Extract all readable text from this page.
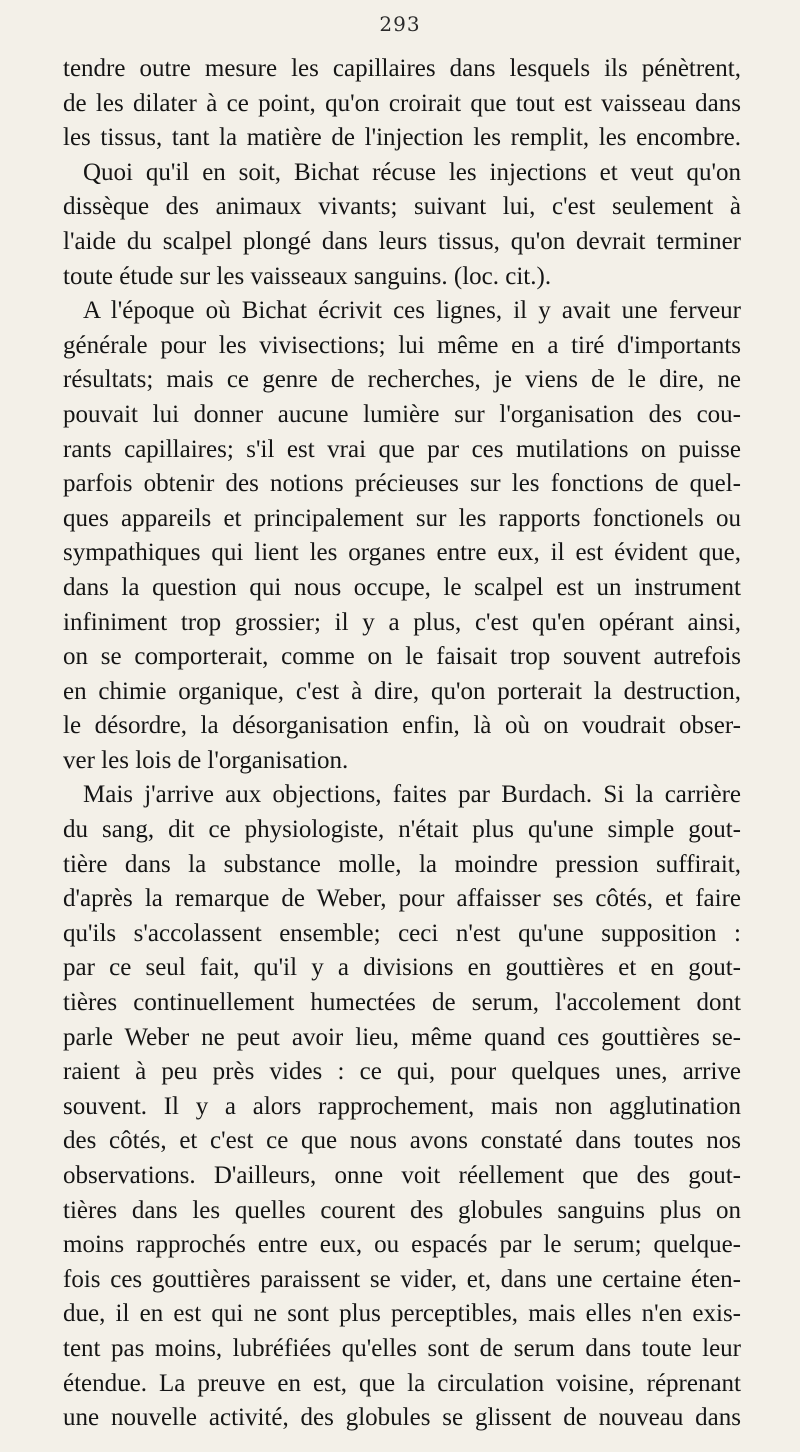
293
tendre outre mesure les capillaires dans lesquels ils pénètrent,
de les dilater à ce point, qu'on croirait que tout est vaisseau dans
les tissus, tant la matière de l'injection les remplit, les encombre.
Quoi qu'il en soit, Bichat récuse les injections et veut qu'on
dissèque des animaux vivants; suivant lui, c'est seulement à
l'aide du scalpel plongé dans leurs tissus, qu'on devrait terminer
toute étude sur les vaisseaux sanguins. (loc. cit.).
A l'époque où Bichat écrivit ces lignes, il y avait une ferveur
générale pour les vivisections; lui même en a tiré d'importants
résultats; mais ce genre de recherches, je viens de le dire, ne
pouvait lui donner aucune lumière sur l'organisation des cou-
rants capillaires; s'il est vrai que par ces mutilations on puisse
parfois obtenir des notions précieuses sur les fonctions de quel-
ques appareils et principalement sur les rapports fonctionels ou
sympathiques qui lient les organes entre eux, il est évident que,
dans la question qui nous occupe, le scalpel est un instrument
infiniment trop grossier; il y a plus, c'est qu'en opérant ainsi,
on se comporterait, comme on le faisait trop souvent autrefois
en chimie organique, c'est à dire, qu'on porterait la destruction,
le désordre, la désorganisation enfin, là où on voudrait obser-
ver les lois de l'organisation.
Mais j'arrive aux objections, faites par Burdach. Si la carrière
du sang, dit ce physiologiste, n'était plus qu'une simple gout-
tière dans la substance molle, la moindre pression suffirait,
d'après la remarque de Weber, pour affaisser ses côtés, et faire
qu'ils s'accolassent ensemble; ceci n'est qu'une supposition :
par ce seul fait, qu'il y a divisions en gouttières et en gout-
tières continuellement humectées de serum, l'accolement dont
parle Weber ne peut avoir lieu, même quand ces gouttières se-
raient à peu près vides : ce qui, pour quelques unes, arrive
souvent. Il y a alors rapprochement, mais non agglutination
des côtés, et c'est ce que nous avons constaté dans toutes nos
observations. D'ailleurs, onne voit réellement que des gout-
tières dans les quelles courent des globules sanguins plus on
moins rapprochés entre eux, ou espacés par le serum; quelque-
fois ces gouttières paraissent se vider, et, dans une certaine éten-
due, il en est qui ne sont plus perceptibles, mais elles n'en exis-
tent pas moins, lubréfiées qu'elles sont de serum dans toute leur
étendue. La preuve en est, que la circulation voisine, réprenant
une nouvelle activité, des globules se glissent de nouveau dans
